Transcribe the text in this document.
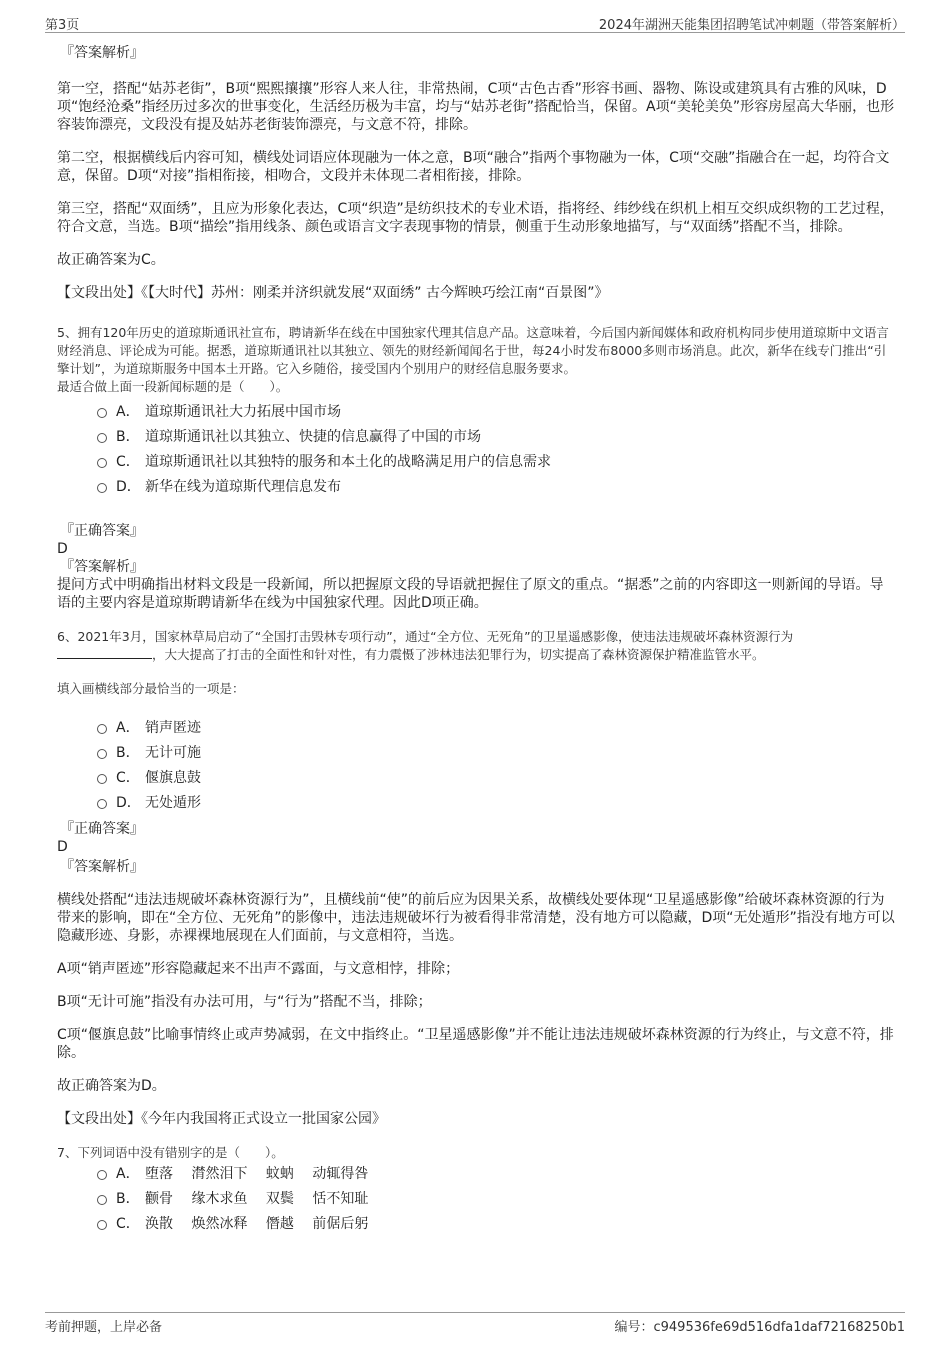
第3页	2024年湖洲天能集团招聘笔试冲刺题（带答案解析）

『答案解析』

第一空，搭配“姑苏老街”，B项“熙熙攘攘”形容人来人往，非常热闹，C项“古色古香”形容书画、器物、陈设或建筑具有古雅的风味，D项“饱经沧桑”指经历过多次的世事变化，生活经历极为丰富，均与“姑苏老街”搭配恰当，保留。A项“美轮美奂”形容房屋高大华丽，也形容装饰漂亮，文段没有提及姑苏老街装饰漂亮，与文意不符，排除。

第二空，根据横线后内容可知，横线处词语应体现融为一体之意，B项“融合”指两个事物融为一体，C项“交融”指融合在一起，均符合文意，保留。D项“对接”指相衔接，相吻合，文段并未体现二者相衔接，排除。

第三空，搭配“双面绣”，且应为形象化表达，C项“织造”是纺织技术的专业术语，指将经、纬纱线在织机上相互交织成织物的工艺过程，符合文意，当选。B项“描绘”指用线条、颜色或语言文字表现事物的情景，侧重于生动形象地描写，与“双面绣”搭配不当，排除。

故正确答案为C。

【文段出处】《【大时代】苏州：刚柔并济织就发展“双面绣” 古今辉映巧绘江南“百景图”》

5、拥有120年历史的道琼斯通讯社宣布，聘请新华在线在中国独家代理其信息产品。这意味着，今后国内新闻媒体和政府机构同步使用道琼斯中文语言财经消息、评论成为可能。据悉，道琼斯通讯社以其独立、领先的财经新闻闻名于世，每24小时发布8000多则市场消息。此次，新华在线专门推出“引擎计划”，为道琼斯服务中国本土开路。它入乡随俗，接受国内个别用户的财经信息服务要求。

最适合做上面一段新闻标题的是（　　）。

A． 道琼斯通讯社大力拓展中国市场
B． 道琼斯通讯社以其独立、快捷的信息赢得了中国的市场
C． 道琼斯通讯社以其独特的服务和本土化的战略满足用户的信息需求
D． 新华在线为道琼斯代理信息发布

『正确答案』

D

『答案解析』

提问方式中明确指出材料文段是一段新闻，所以把握原文段的导语就把握住了原文的重点。“据悉”之前的内容即这一则新闻的导语。导语的主要内容是道琼斯聘请新华在线为中国独家代理。因此D项正确。

6、2021年3月，国家林草局启动了“全国打击毁林专项行动”，通过“全方位、无死角”的卫星遥感影像，使违法违规破坏森林资源行为
，大大提高了打击的全面性和针对性，有力震慑了涉林违法犯罪行为，切实提高了森林资源保护精准监管水平。

填入画横线部分最恰当的一项是：

A． 销声匿迹
B． 无计可施
C． 偃旗息鼓
D． 无处遁形

『正确答案』

D

『答案解析』

横线处搭配“违法违规破坏森林资源行为”，且横线前“使”的前后应为因果关系，故横线处要体现“卫星遥感影像”给破坏森林资源的行为带来的影响，即在“全方位、无死角”的影像中，违法违规破坏行为被看得非常清楚，没有地方可以隐藏，D项“无处遁形”指没有地方可以隐藏形迹、身影，赤裸裸地展现在人们面前，与文意相符，当选。

A项“销声匿迹”形容隐藏起来不出声不露面，与文意相悖，排除；

B项“无计可施”指没有办法可用，与“行为”搭配不当，排除；

C项“偃旗息鼓”比喻事情终止或声势减弱，在文中指终止。“卫星遥感影像”并不能让违法违规破坏森林资源的行为终止，与文意不符，排除。

故正确答案为D。

【文段出处】《今年内我国将正式设立一批国家公园》

7、下列词语中没有错别字的是（　　）。

A． 堕落　 潸然泪下　 蚊蚋　 动辄得咎
B． 颧骨　 缘木求鱼　 双鬓　 恬不知耻
C． 涣散　 焕然冰释　 僭越　 前倨后躬
考前押题，上岸必备	编号：c949536fe69d516dfa1daf72168250b1
